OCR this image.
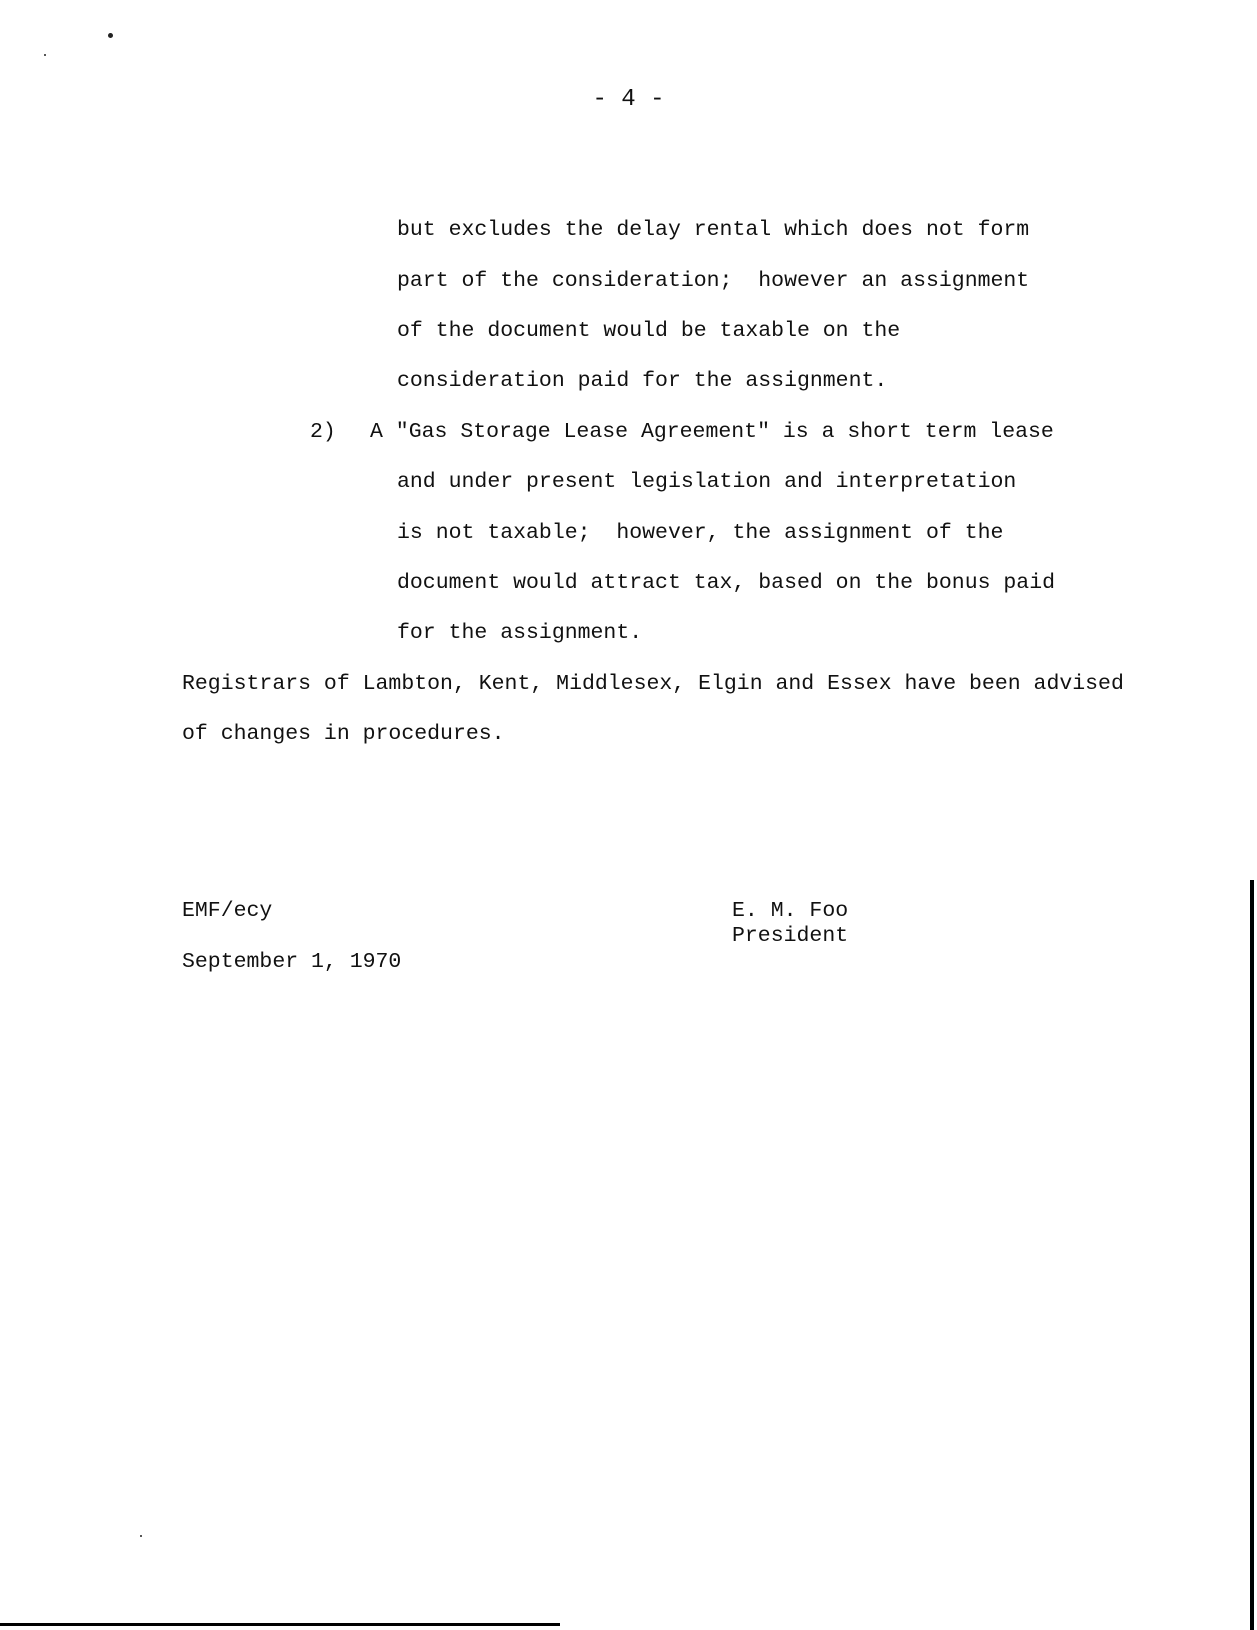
- 4 -
but excludes the delay rental which does not form
part of the consideration;  however an assignment
of the document would be taxable on the
consideration paid for the assignment.
2) A "Gas Storage Lease Agreement" is a short term lease
and under present legislation and interpretation
is not taxable;  however, the assignment of the
document would attract tax, based on the bonus paid
for the assignment.
Registrars of Lambton, Kent, Middlesex, Elgin and Essex have been advised
of changes in procedures.
EMF/ecy
September 1, 1970
E. M. Foo
President
